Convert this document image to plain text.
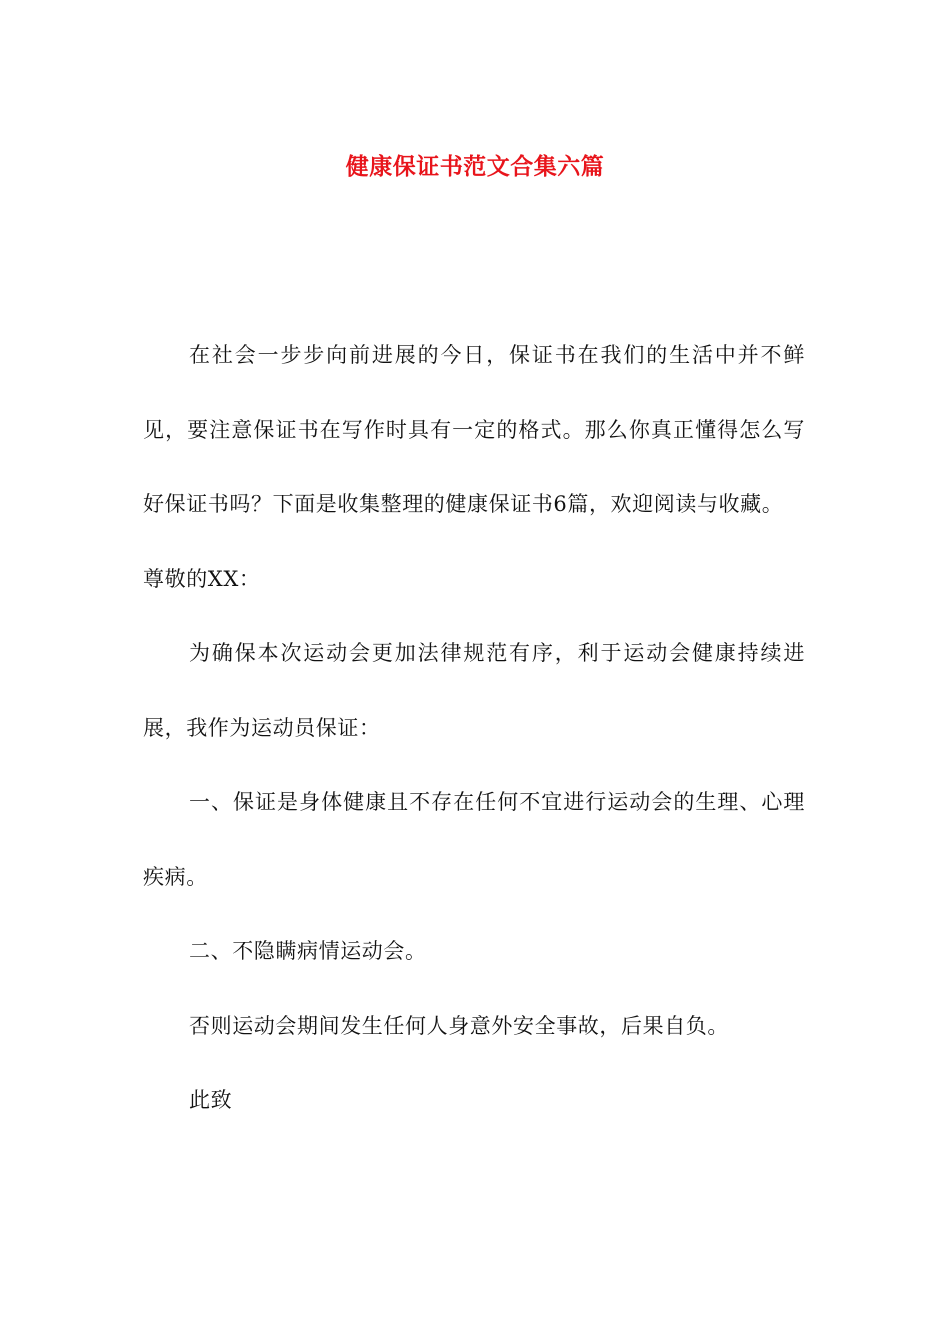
健康保证书范文合集六篇

在社会一步步向前进展的今日，保证书在我们的生活中并不鲜见，要注意保证书在写作时具有一定的格式。那么你真正懂得怎么写好保证书吗？下面是收集整理的健康保证书6篇，欢迎阅读与收藏。

尊敬的XX：

为确保本次运动会更加法律规范有序，利于运动会健康持续进展，我作为运动员保证：

一、保证是身体健康且不存在任何不宜进行运动会的生理、心理疾病。

二、不隐瞒病情运动会。

否则运动会期间发生任何人身意外安全事故，后果自负。

此致
